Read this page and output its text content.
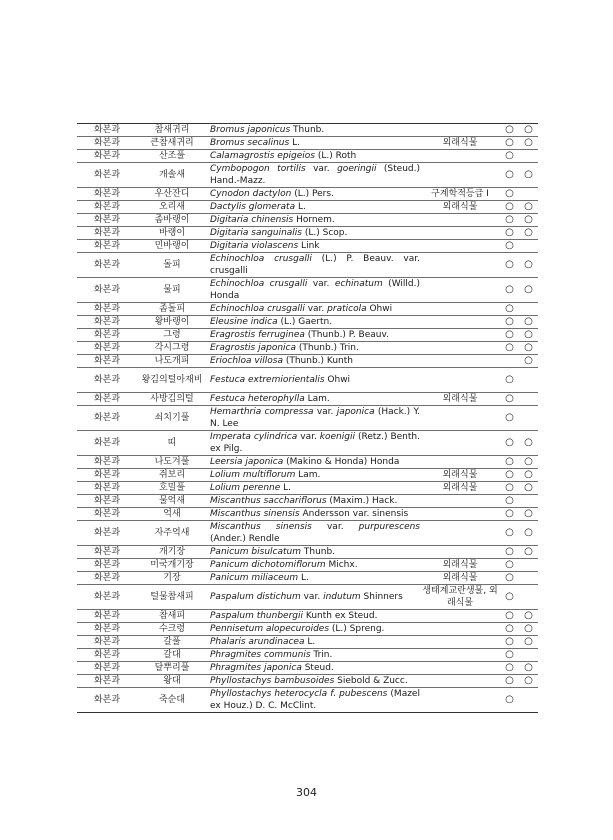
화본과	참새귀리	Bromus japonicus Thunb.		○	○
화본과	큰참새귀리	Bromus secalinus L.	외래식물	○	○
화본과	산조풀	Calamagrostis epigeios (L.) Roth		○	
화본과	개솔새	Cymbopogon tortilis var. goeringii (Steud.) Hand.-Mazz.		○	○
화본과	우산잔디	Cynodon dactylon (L.) Pers.	구계학적등급 I	○	
화본과	오리새	Dactylis glomerata L.	외래식물	○	○
화본과	좀바랭이	Digitaria chinensis Hornem.		○	○
화본과	바랭이	Digitaria sanguinalis (L.) Scop.		○	○
화본과	민바랭이	Digitaria violascens Link		○	
화본과	돌피	Echinochloa crusgalli (L.) P. Beauv. var. crusgalli		○	○
화본과	물피	Echinochloa crusgalli var. echinatum (Willd.) Honda		○	○
화본과	좀돌피	Echinochloa crusgalli var. praticola Ohwi		○	
화본과	왕바랭이	Eleusine indica (L.) Gaertn.		○	○
화본과	그령	Eragrostis ferruginea (Thunb.) P. Beauv.		○	○
화본과	각시그령	Eragrostis japonica (Thunb.) Trin.		○	○
화본과	나도개피	Eriochloa villosa (Thunb.) Kunth			○
화본과	왕김의털아재비	Festuca extremiorientalis Ohwi		○	
화본과	사방김의털	Festuca heterophylla Lam.	외래식물	○	
화본과	쇠치기풀	Hemarthria compressa var. japonica (Hack.) Y. N. Lee		○	
화본과	띠	Imperata cylindrica var. koenigii (Retz.) Benth. ex Pilg.		○	○
화본과	나도겨풀	Leersia japonica (Makino & Honda) Honda		○	○
화본과	쥐보리	Lolium multiflorum Lam.	외래식물	○	○
화본과	호밀풀	Lolium perenne L.	외래식물	○	○
화본과	물억새	Miscanthus sacchariflorus (Maxim.) Hack.		○	
화본과	억새	Miscanthus sinensis Andersson var. sinensis		○	○
화본과	자주억새	Miscanthus sinensis var. purpurescens (Ander.) Rendle		○	○
화본과	개기장	Panicum bisulcatum Thunb.		○	○
화본과	미국개기장	Panicum dichotomiflorum Michx.	외래식물	○	
화본과	기장	Panicum miliaceum L.	외래식물	○	
화본과	털물참새피	Paspalum distichum var. indutum Shinners	생태계교란생물, 외래식물	○	
화본과	참새피	Paspalum thunbergii Kunth ex Steud.		○	○
화본과	수크령	Pennisetum alopecuroides (L.) Spreng.		○	○
화본과	갈풀	Phalaris arundinacea L.		○	○
화본과	갈대	Phragmites communis Trin.		○	
화본과	달뿌리풀	Phragmites japonica Steud.		○	○
화본과	왕대	Phyllostachys bambusoides Siebold & Zucc.		○	○
화본과	죽순대	Phyllostachys heterocycla f. pubescens (Mazel ex Houz.) D. C. McClint.		○	
304
